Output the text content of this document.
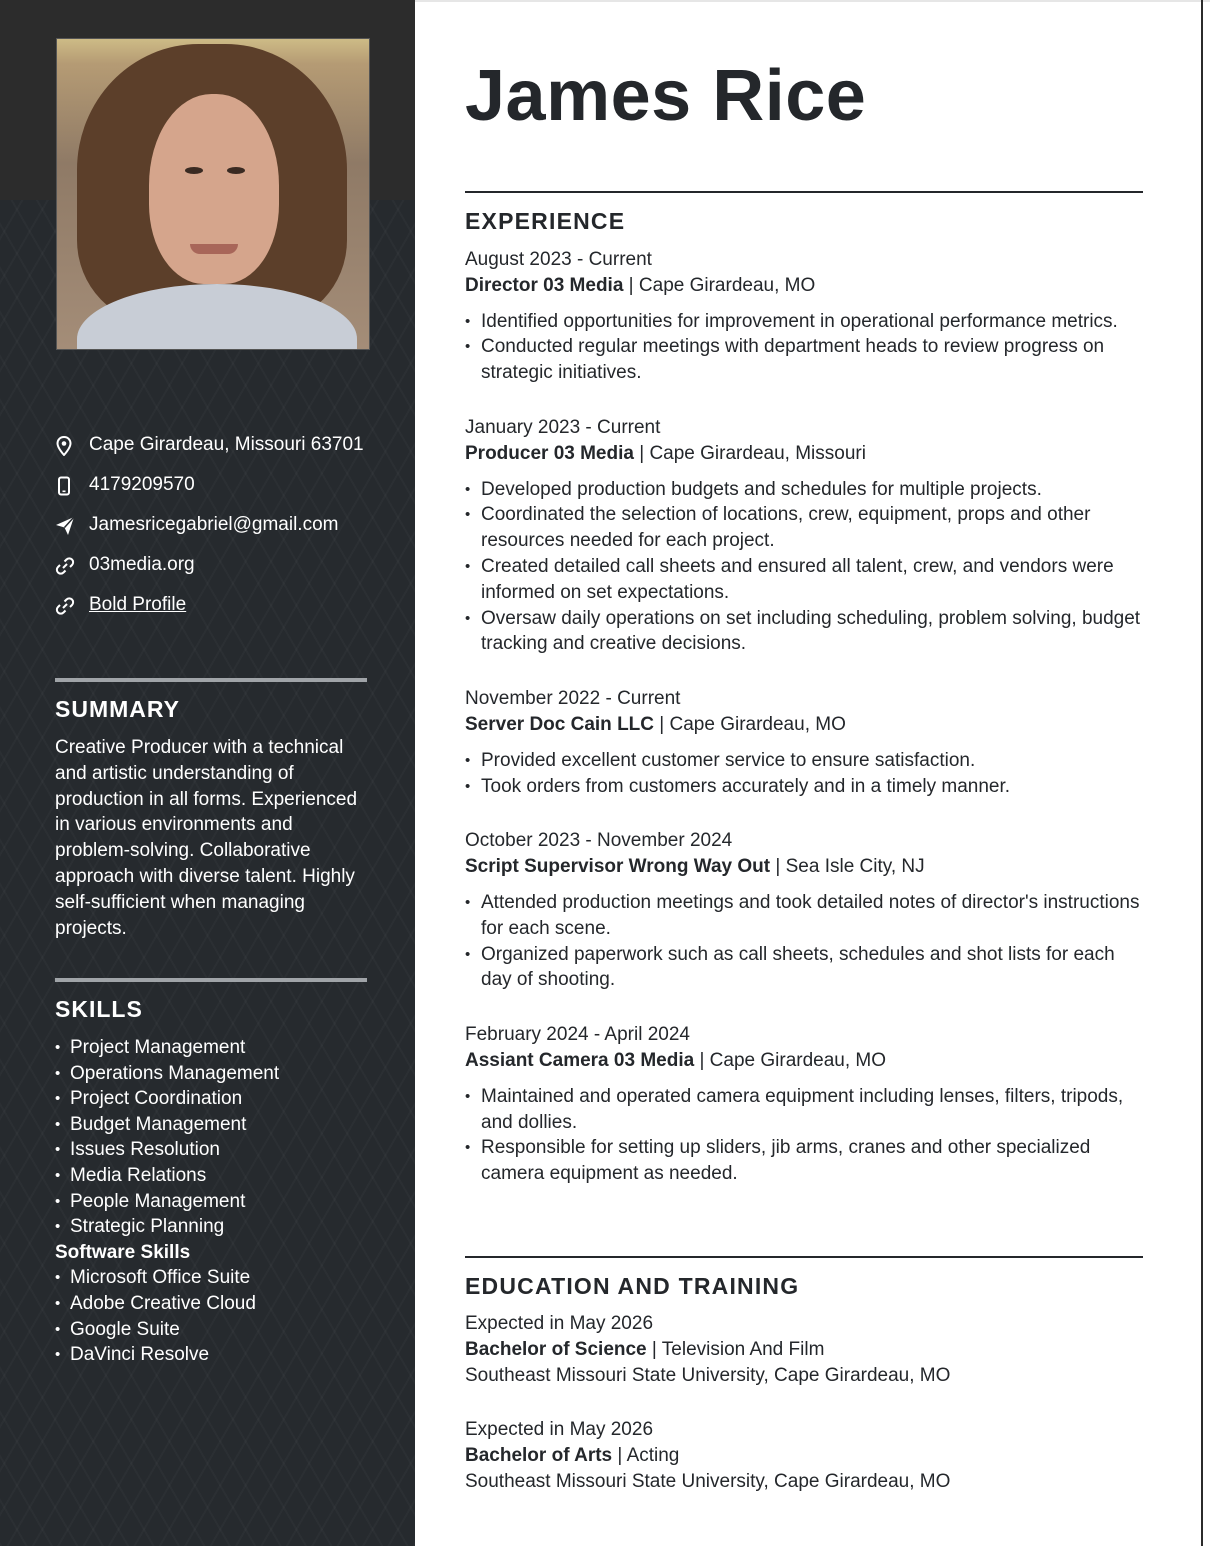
Cape Girardeau, Missouri 63701
4179209570
Jamesricegabriel@gmail.com
03media.org
Bold Profile
SUMMARY

Creative Producer with a technical and artistic understanding of production in all forms. Experienced in various environments and problem-solving. Collaborative approach with diverse talent. Highly self-sufficient when managing projects.

SKILLS
• Project Management
• Operations Management
• Project Coordination
• Budget Management
• Issues Resolution
• Media Relations
• People Management
• Strategic Planning
Software Skills
• Microsoft Office Suite
• Adobe Creative Cloud
• Google Suite
• DaVinci Resolve
James Rice
EXPERIENCE
August 2023 - Current
Director 03 Media | Cape Girardeau, MO
• Identified opportunities for improvement in operational performance metrics.
• Conducted regular meetings with department heads to review progress on strategic initiatives.
January 2023 - Current
Producer 03 Media | Cape Girardeau, Missouri
• Developed production budgets and schedules for multiple projects.
• Coordinated the selection of locations, crew, equipment, props and other resources needed for each project.
• Created detailed call sheets and ensured all talent, crew, and vendors were informed on set expectations.
• Oversaw daily operations on set including scheduling, problem solving, budget tracking and creative decisions.
November 2022 - Current
Server Doc Cain LLC | Cape Girardeau, MO
• Provided excellent customer service to ensure satisfaction.
• Took orders from customers accurately and in a timely manner.
October 2023 - November 2024
Script Supervisor Wrong Way Out | Sea Isle City, NJ
• Attended production meetings and took detailed notes of director's instructions for each scene.
• Organized paperwork such as call sheets, schedules and shot lists for each day of shooting.
February 2024 - April 2024
Assiant Camera 03 Media | Cape Girardeau, MO
• Maintained and operated camera equipment including lenses, filters, tripods, and dollies.
• Responsible for setting up sliders, jib arms, cranes and other specialized camera equipment as needed.
EDUCATION AND TRAINING
Expected in May 2026
Bachelor of Science | Television And Film
Southeast Missouri State University, Cape Girardeau, MO
Expected in May 2026
Bachelor of Arts | Acting
Southeast Missouri State University, Cape Girardeau, MO
